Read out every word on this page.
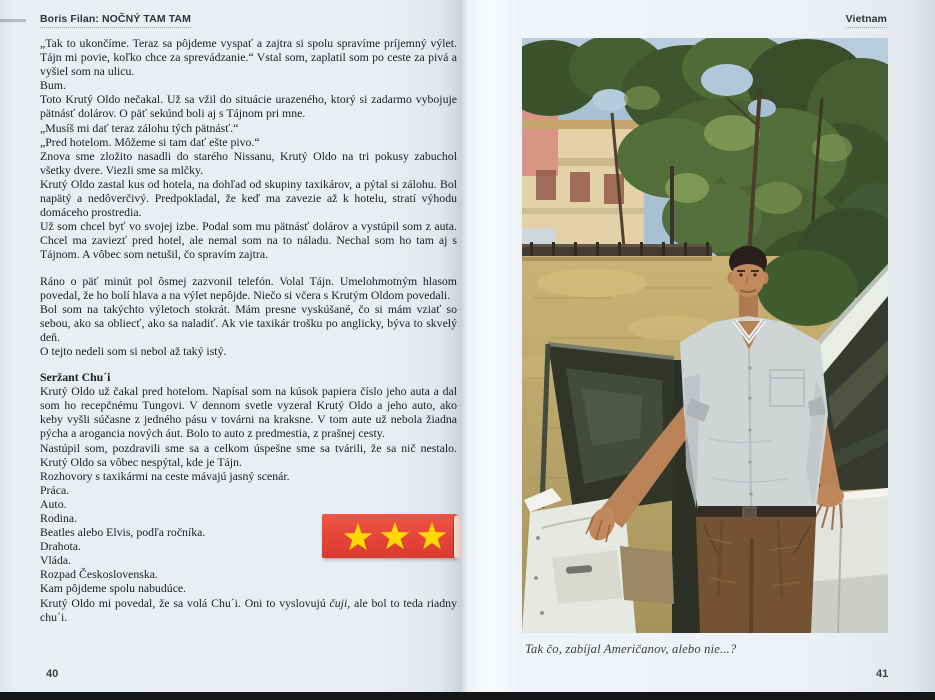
Boris Filan: NOČNÝ TAM TAM

„Tak to ukončíme. Teraz sa pôjdeme vyspať a zajtra si spolu spravíme príjemný výlet. Tájn mi povie, koľko chce za sprevádzanie.“ Vstal som, zaplatil som po ceste za pivá a vyšiel som na ulicu.

Bum.

Toto Krutý Oldo nečakal. Už sa vžil do situácie urazeného, ktorý si zadarmo vybojuje pätnásť dolárov. O päť sekúnd boli aj s Tájnom pri mne.

„Musíš mi dať teraz zálohu tých pätnásť.“

„Pred hotelom. Môžeme si tam dať ešte pivo.“

Znova sme zložito nasadli do starého Nissanu, Krutý Oldo na tri pokusy zabuchol všetky dvere. Viezli sme sa mlčky.

Krutý Oldo zastal kus od hotela, na dohľad od skupiny taxikárov, a pýtal si zálohu. Bol napätý a nedôverčivý. Predpokladal, že keď ma zavezie až k hotelu, stratí výhodu domáceho prostredia.

Už som chcel byť vo svojej izbe. Podal som mu pätnásť dolárov a vystúpil som z auta. Chcel ma zaviezť pred hotel, ale nemal som na to náladu. Nechal som ho tam aj s Tájnom. A vôbec som netušil, čo spravím zajtra.

Ráno o päť minút pol ôsmej zazvonil telefón. Volal Tájn. Umelohmotným hlasom povedal, že ho bolí hlava a na výlet nepôjde. Niečo si včera s Krutým Oldom povedali.

Bol som na takýchto výletoch stokrát. Mám presne vyskúšané, čo si mám vziať so sebou, ako sa obliecť, ako sa naladiť. Ak vie taxikár trošku po anglicky, býva to skvelý deň.

O tejto nedeli som si nebol až taký istý.

Seržant Chu´i

Krutý Oldo už čakal pred hotelom. Napísal som na kúsok papiera číslo jeho auta a dal som ho recepčnému Tungovi. V dennom svetle vyzeral Krutý Oldo a jeho auto, ako keby vyšli súčasne z jedného pásu v továrni na kraksne. V tom aute už nebola žiadna pýcha a arogancia nových áut. Bolo to auto z predmestia, z prašnej cesty.

Nastúpil som, pozdravili sme sa a celkom úspešne sme sa tvárili, že sa nič nestalo. Krutý Oldo sa vôbec nespýtal, kde je Tájn.

Rozhovory s taxikármi na ceste mávajú jasný scenár.

Práca.

Auto.

Rodina.

Beatles alebo Elvis, podľa ročníka.

Drahota.

Vláda.

Rozpad Československa.

Kam pôjdeme spolu nabudúce.

Krutý Oldo mi povedal, že sa volá Chu´i. Oni to vyslovujú čuji, ale bol to teda riadny chu´i.

40
Vietnam
Tak čo, zabíjal Američanov, alebo nie...?
41
